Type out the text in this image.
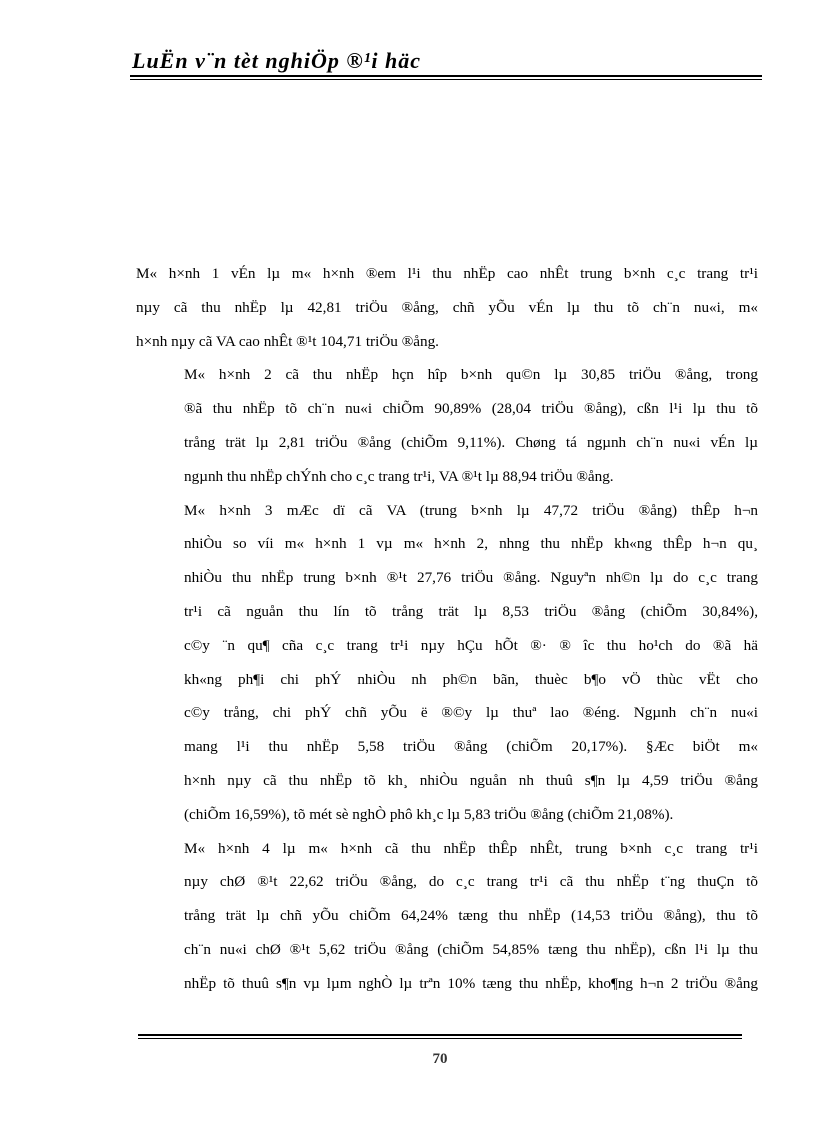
LuËn v¨n tèt nghiÖp ®¹i häc
M« h×nh 1 vÉn lµ m« h×nh ®em l¹i thu nhËp cao nhÊt trung b×nh c¸c trang tr¹i
nµy cã thu nhËp lµ 42,81 triÖu ®ång, chñ yÕu vÉn lµ thu tõ ch¨n nu«i, m«
h×nh nµy cã VA cao nhÊt ®¹t 104,71 triÖu ®ång.
M« h×nh 2 cã thu nhËp hçn hîp b×nh qu©n lµ 30,85 triÖu ®ång, trong
®ã thu nhËp tõ ch¨n nu«i chiÕm 90,89% (28,04 triÖu ®ång), cßn l¹i lµ thu tõ
trång trät lµ 2,81 triÖu ®ång (chiÕm 9,11%). Chøng tá ngµnh ch¨n nu«i vÉn lµ
ngµnh thu nhËp chÝnh cho c¸c trang tr¹i, VA ®¹t lµ 88,94 triÖu ®ång.
M« h×nh 3 mÆc dï cã VA (trung b×nh lµ 47,72 triÖu ®ång) thÊp h¬n
nhiÒu so víi m« h×nh 1 vµ m« h×nh 2, nhng thu nhËp kh«ng thÊp h¬n qu¸
nhiÒu thu nhËp trung b×nh ®¹t 27,76 triÖu ®ång. Nguyªn nh©n lµ do c¸c trang
tr¹i cã nguån thu lín tõ trång trät lµ 8,53 triÖu ®ång (chiÕm 30,84%),
c©y ¨n qu¶ cña c¸c trang tr¹i nµy hÇu hÕt ®· ® îc thu ho¹ch do ®ã hä
kh«ng ph¶i chi phÝ nhiÒu nh ph©n bãn, thuèc b¶o vÖ thùc vËt cho
c©y trång, chi phÝ chñ yÕu ë ®©y lµ thuª lao ®éng. Ngµnh ch¨n nu«i
mang l¹i thu nhËp 5,58 triÖu ®ång (chiÕm 20,17%). §Æc biÖt m«
h×nh nµy cã thu nhËp tõ kh¸ nhiÒu nguån nh thuû s¶n lµ 4,59 triÖu ®ång
(chiÕm 16,59%), tõ mét sè nghÒ phô kh¸c lµ 5,83 triÖu ®ång (chiÕm 21,08%).
M« h×nh 4 lµ m« h×nh cã thu nhËp thÊp nhÊt, trung b×nh c¸c trang tr¹i
nµy chØ ®¹t 22,62 triÖu ®ång, do c¸c trang tr¹i cã thu nhËp t¨ng thuÇn tõ
trång trät lµ chñ yÕu chiÕm 64,24% tæng thu nhËp (14,53 triÖu ®ång), thu tõ
ch¨n nu«i chØ ®¹t 5,62 triÖu ®ång (chiÕm 54,85% tæng thu nhËp), cßn l¹i lµ thu
nhËp tõ thuû s¶n vµ lµm nghÒ lµ trªn 10% tæng thu nhËp, kho¶ng h¬n 2 triÖu ®ång
70
